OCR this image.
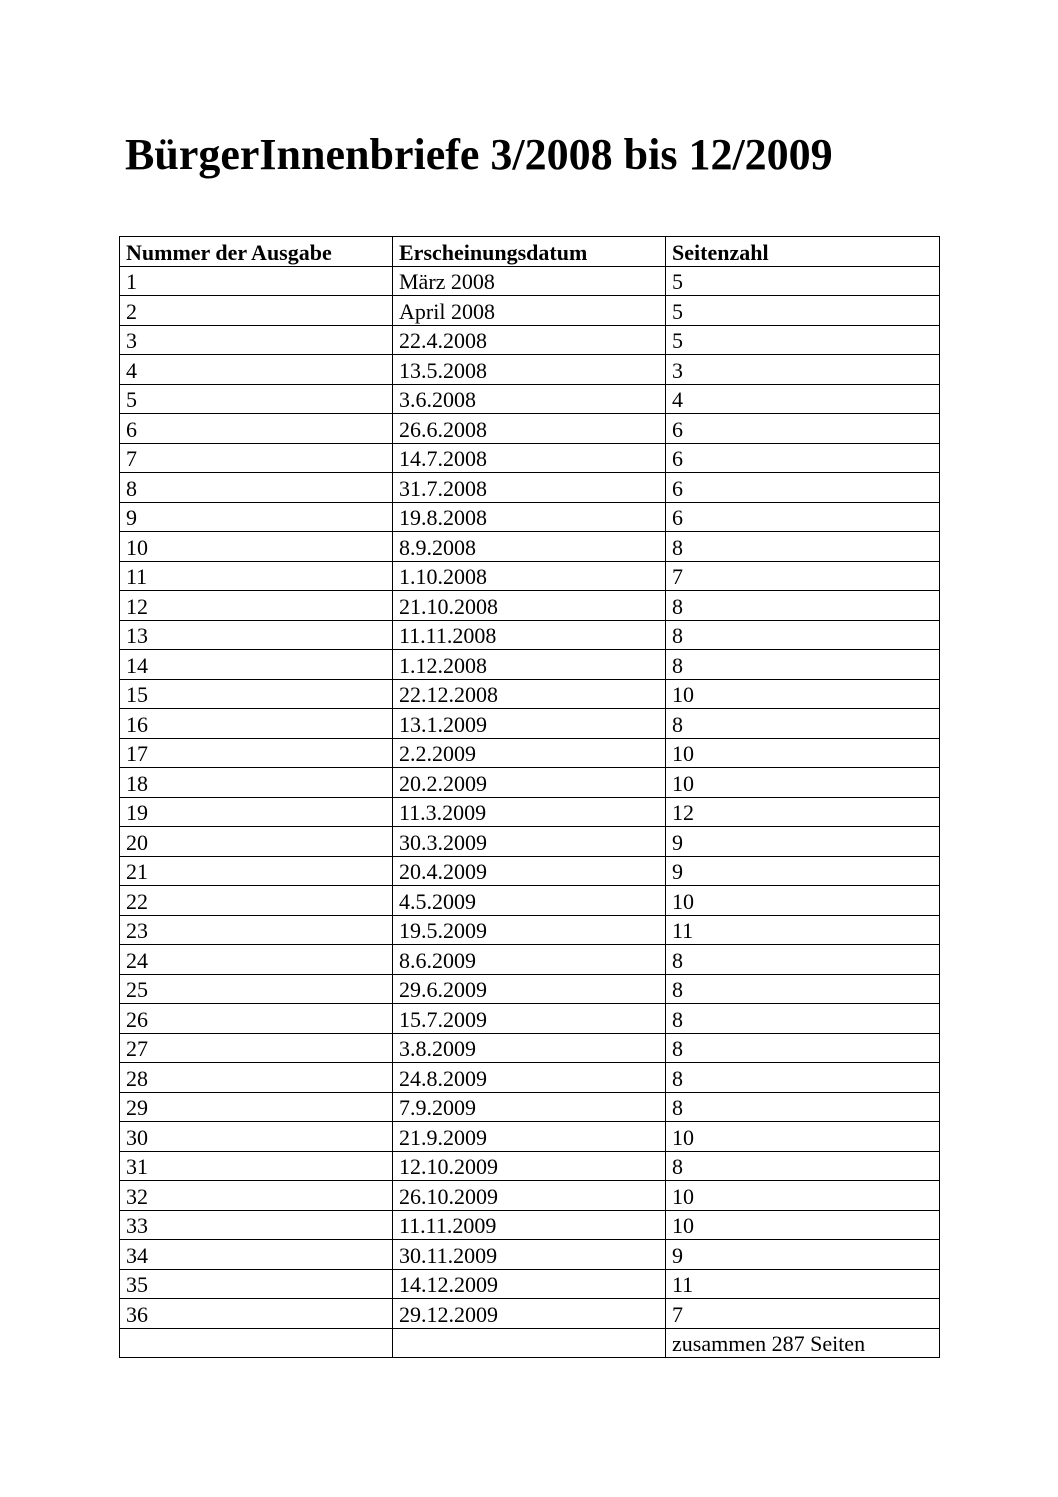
BürgerInnenbriefe 3/2008 bis 12/2009
Nummer der Ausgabe	Erscheinungsdatum	Seitenzahl
1	März 2008	5
2	April 2008	5
3	22.4.2008	5
4	13.5.2008	3
5	3.6.2008	4
6	26.6.2008	6
7	14.7.2008	6
8	31.7.2008	6
9	19.8.2008	6
10	8.9.2008	8
11	1.10.2008	7
12	21.10.2008	8
13	11.11.2008	8
14	1.12.2008	8
15	22.12.2008	10
16	13.1.2009	8
17	2.2.2009	10
18	20.2.2009	10
19	11.3.2009	12
20	30.3.2009	9
21	20.4.2009	9
22	4.5.2009	10
23	19.5.2009	11
24	8.6.2009	8
25	29.6.2009	8
26	15.7.2009	8
27	3.8.2009	8
28	24.8.2009	8
29	7.9.2009	8
30	21.9.2009	10
31	12.10.2009	8
32	26.10.2009	10
33	11.11.2009	10
34	30.11.2009	9
35	14.12.2009	11
36	29.12.2009	7
		zusammen 287 Seiten
